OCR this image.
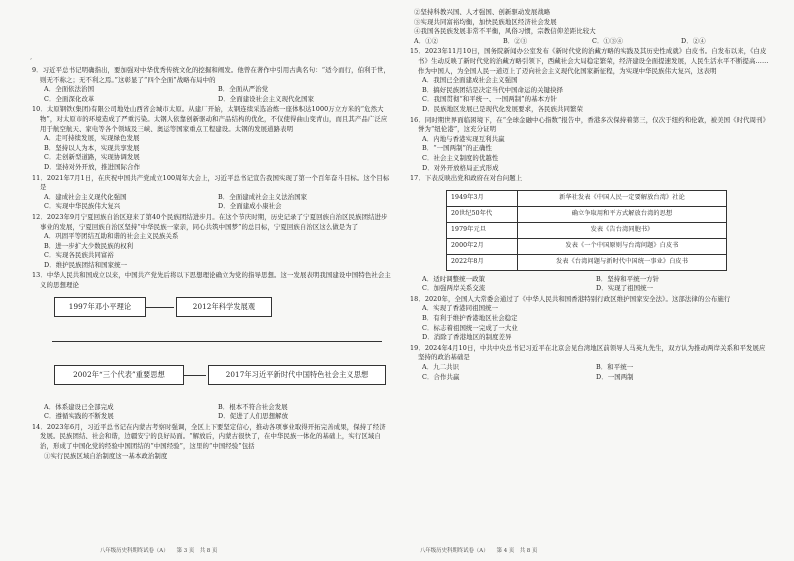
,

9．习近平总书记明确指出，要加强对中华优秀传统文化的挖掘和阐发。他曾在著作中引用古典名句：“适今而行，伯利于世，则无不称之；无不利之焉。”这彰显了“四个全面”战略布局中的

A．全面依法治国	B．全面从严治党
C．全面深化改革	D．全面建设社会主义现代化国家

10．太原钢铁(集团)有限公司地处山西省会城市太原。从建厂开始，太钢连续采选冶炼一座体积达1000万立方米的“危然大物”，对太原市的环境造成了严重污染。太钢人依靠创新驱动和产品结构的优化，不仅使得曲山变青山，而且其产品广泛应用于航空航天、家电等各个领域及三峡、奥运等国家重点工程建设。太钢的发展道路表明

A．走可持续发展，实现绿色发展
B．坚持以人为本，实现共享发展
C．走创新型道路，实现协调发展
D．坚持对外开放，推进国际合作

11．2021年7月1日，在庆祝中国共产党成立100周年大会上，习近平总书记宣告我国实现了第一个百年奋斗目标。这个目标是

A．建成社会主义现代化强国	B．全面建成社会主义法治国家
C．实现中华民族伟大复兴	D．全面建成小康社会

12．2023年9月宁夏回族自治区迎来了第40个民族团结进步月。在这个节庆时期，历史记录了宁夏回族自治区民族团结进步事业的发展，宁夏回族自治区坚持“中华民族一家亲，同心共筑中国梦”的总目标，宁夏回族自治区这么做是为了

A．巩固平等团结互助和谐的社会主义民族关系
B．进一步扩大少数民族的权利
C．实现各民族共同富裕
D．维护民族团结和国家统一

13．中华人民共和国成立以来，中国共产党先后将以下思想理论确立为党的指导思想。这一发展表明我国建设中国特色社会主义的思想理论

1997年邓小平理论	2012年科学发展观
2002年“三个代表”重要思想	2017年习近平新时代中国特色社会主义思想
A．体系建设已全部完成	B．根本不符合社会发展
C．遵循实践的不断发展	D．促进了人们思想解放

14．2023年6月，习近平总书记在内蒙古考察时强调，全区上下要坚定信心，推动各项事业取得开拓完善成果，保持了经济发展。民族团结、社会和谐，边疆安宁的良好局面。“解放后，内蒙古很快了，在中华民族一体化的基础上，实行区域自治，形成了中国化党的经验中国团结的“中国经验”，这里的“中国经验”包括

①实行民族区域自治制度这一基本政治制度
八年级历史科期终试卷（A）　　第 3 页　共 8 页
②坚持科教兴国、人才强国、创新驱动发展战略
③实现共同富裕均衡，加快民族地区经济社会发展
④我国各民族发展非常不平衡，风俗习惯，宗教信仰差距比较大
A．①②	B．②③	C．①③④	D．②④

15．2023年11月10日，国务院新闻办公室发布《新时代党的治藏方略的实践及其历史性成就》白皮书。自发布以来，《白皮书》生动反映了新时代党的治藏方略引领下，西藏社会大局稳定繁荣，经济建设全面提速发展，人民生活水平不断提高……作为中国人，为全国人民一道迈上了迈向社会主义现代化国家新征程，为实现中华民族伟大复兴，这表明

A．我国已全面建成社会主义强国
B．搞好民族团结是决定当代中国命运的关键抉择
C．我国贯彻“和平统一、一国两制”的基本方针
D．民族地区发展已是现代化发展要求，各民族共同繁荣

16．同时期世界面临困境下，在“全球金融中心指数”报告中，香港多次保持着第三，仅次于纽约和伦敦，被美国《时代周刊》誉为“纽伦港”，这充分证明

A．内地与香港实现互利共赢
B．“一国两制”的正确性
C．社会主义制度的优越性
D．对外开放格局正式形成

17．下表反映出党和政府在对台问题上

1949年3月	新华社发表《中国人民一定要解放台湾》社论
20世纪50年代	确立争取用和平方式解放台湾的思想
1979年元旦	发表《告台湾同胞书》
2000年2月	发表《一个中国原则与台湾问题》白皮书
2022年8月	发表《台湾问题与新时代中国统一事业》白皮书
A．适时调整统一政策	B．坚持和平统一方针
C．加强两岸关系交流	D．实现了祖国统一

18．2020年，全国人大常委会通过了《中华人民共和国香港特别行政区维护国家安全法》。这部法律的公布施行

A．实现了香港同祖国统一
B．有利于维护香港地区社会稳定
C．标志着祖国统一完成了一大业
D．消除了香港地区的制度差异

19．2024年4月10日，中共中央总书记习近平在北京会见台湾地区前领导人马英九先生，双方认为推动两岸关系和平发展应坚持的政治基础是

A．九二共识	B．和平统一
C．合作共赢	D．一国两制
八年级历史科期终试卷（A）　　第 4 页　共 8 页
